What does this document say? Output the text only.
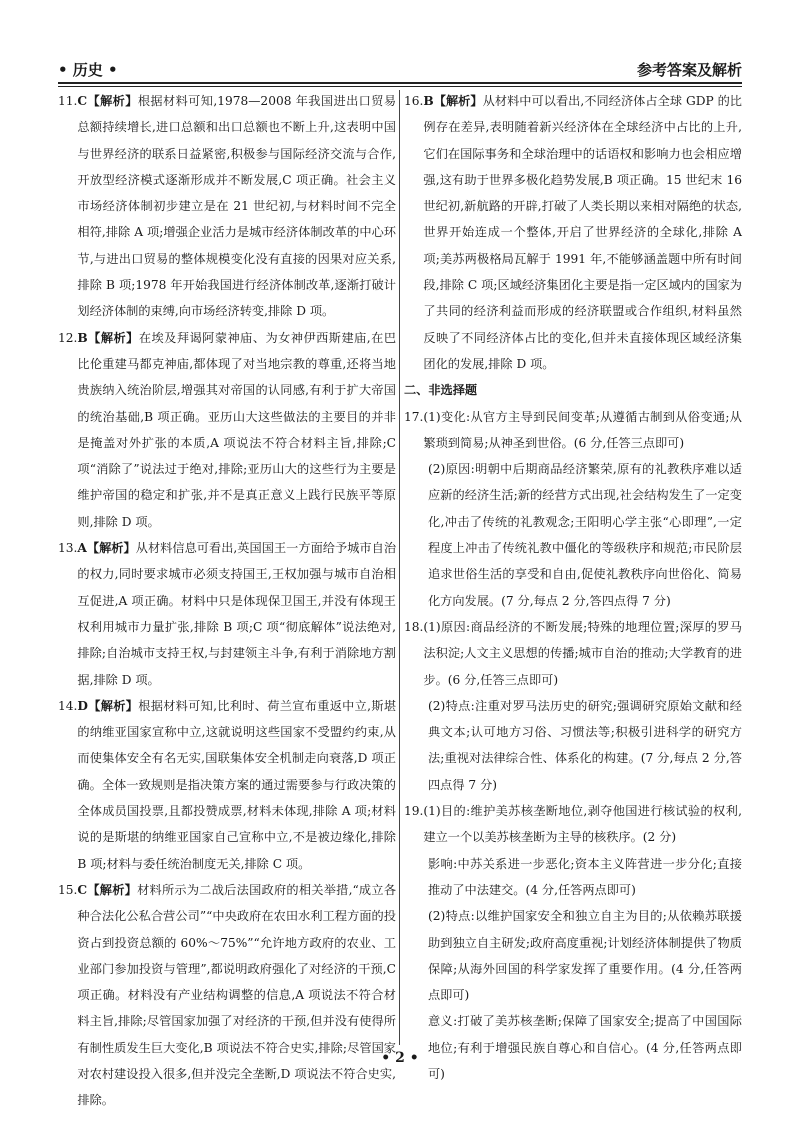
• 历史 •	参考答案及解析
11. C【解析】根据材料可知,1978—2008 年我国进出口贸易总额持续增长,进口总额和出口总额也不断上升,这表明中国与世界经济的联系日益紧密,积极参与国际经济交流与合作,开放型经济模式逐渐形成并不断发展,C 项正确。社会主义市场经济体制初步建立是在 21 世纪初,与材料时间不完全相符,排除 A 项;增强企业活力是城市经济体制改革的中心环节,与进出口贸易的整体规模变化没有直接的因果对应关系,排除 B 项;1978 年开始我国进行经济体制改革,逐渐打破计划经济体制的束缚,向市场经济转变,排除 D 项。
12. B【解析】在埃及拜谒阿蒙神庙、为女神伊西斯建庙,在巴比伦重建马都克神庙,都体现了对当地宗教的尊重,还将当地贵族纳入统治阶层,增强其对帝国的认同感,有利于扩大帝国的统治基础,B 项正确。亚历山大这些做法的主要目的并非是掩盖对外扩张的本质,A 项说法不符合材料主旨,排除;C 项“消除了”说法过于绝对,排除;亚历山大的这些行为主要是维护帝国的稳定和扩张,并不是真正意义上践行民族平等原则,排除 D 项。
13. A【解析】从材料信息可看出,英国国王一方面给予城市自治的权力,同时要求城市必须支持国王,王权加强与城市自治相互促进,A 项正确。材料中只是体现保卫国王,并没有体现王权利用城市力量扩张,排除 B 项;C 项“彻底解体”说法绝对,排除;自治城市支持王权,与封建领主斗争,有利于消除地方割据,排除 D 项。
14. D【解析】根据材料可知,比利时、荷兰宣布重返中立,斯堪的纳维亚国家宣称中立,这就说明这些国家不受盟约约束,从而使集体安全有名无实,国联集体安全机制走向衰落,D 项正确。全体一致规则是指决策方案的通过需要参与行政决策的全体成员国投票,且都投赞成票,材料未体现,排除 A 项;材料说的是斯堪的纳维亚国家自己宣称中立,不是被边缘化,排除 B 项;材料与委任统治制度无关,排除 C 项。
15. C【解析】材料所示为二战后法国政府的相关举措,“成立各种合法化公私合营公司”“中央政府在农田水利工程方面的投资占到投资总额的 60%～75%”“允许地方政府的农业、工业部门参加投资与管理”,都说明政府强化了对经济的干预,C 项正确。材料没有产业结构调整的信息,A 项说法不符合材料主旨,排除;尽管国家加强了对经济的干预,但并没有使得所有制性质发生巨大变化,B 项说法不符合史实,排除;尽管国家对农村建设投入很多,但并没完全垄断,D 项说法不符合史实,排除。
16. B【解析】从材料中可以看出,不同经济体占全球 GDP 的比例存在差异,表明随着新兴经济体在全球经济中占比的上升,它们在国际事务和全球治理中的话语权和影响力也会相应增强,这有助于世界多极化趋势发展,B 项正确。15 世纪末 16 世纪初,新航路的开辟,打破了人类长期以来相对隔绝的状态,世界开始连成一个整体,开启了世界经济的全球化,排除 A 项;美苏两极格局瓦解于 1991 年,不能够涵盖题中所有时间段,排除 C 项;区域经济集团化主要是指一定区域内的国家为了共同的经济利益而形成的经济联盟或合作组织,材料虽然反映了不同经济体占比的变化,但并未直接体现区域经济集团化的发展,排除 D 项。
二、非选择题
17. (1)变化:从官方主导到民间变革;从遵循古制到从俗变通;从繁琐到简易;从神圣到世俗。(6 分,任答三点即可)
(2)原因:明朝中后期商品经济繁荣,原有的礼教秩序难以适应新的经济生活;新的经营方式出现,社会结构发生了一定变化,冲击了传统的礼教观念;王阳明心学主张“心即理”,一定程度上冲击了传统礼教中僵化的等级秩序和规范;市民阶层追求世俗生活的享受和自由,促使礼教秩序向世俗化、简易化方向发展。(7 分,每点 2 分,答四点得 7 分)
18. (1)原因:商品经济的不断发展;特殊的地理位置;深厚的罗马法积淀;人文主义思想的传播;城市自治的推动;大学教育的进步。(6 分,任答三点即可)
(2)特点:注重对罗马法历史的研究;强调研究原始文献和经典文本;认可地方习俗、习惯法等;积极引进科学的研究方法;重视对法律综合性、体系化的构建。(7 分,每点 2 分,答四点得 7 分)
19. (1)目的:维护美苏核垄断地位,剥夺他国进行核试验的权利,建立一个以美苏核垄断为主导的核秩序。(2 分)
影响:中苏关系进一步恶化;资本主义阵营进一步分化;直接推动了中法建交。(4 分,任答两点即可)
(2)特点:以维护国家安全和独立自主为目的;从依赖苏联援助到独立自主研发;政府高度重视;计划经济体制提供了物质保障;从海外回国的科学家发挥了重要作用。(4 分,任答两点即可)
意义:打破了美苏核垄断;保障了国家安全;提高了中国国际地位;有利于增强民族自尊心和自信心。(4 分,任答两点即可)
• 2 •
